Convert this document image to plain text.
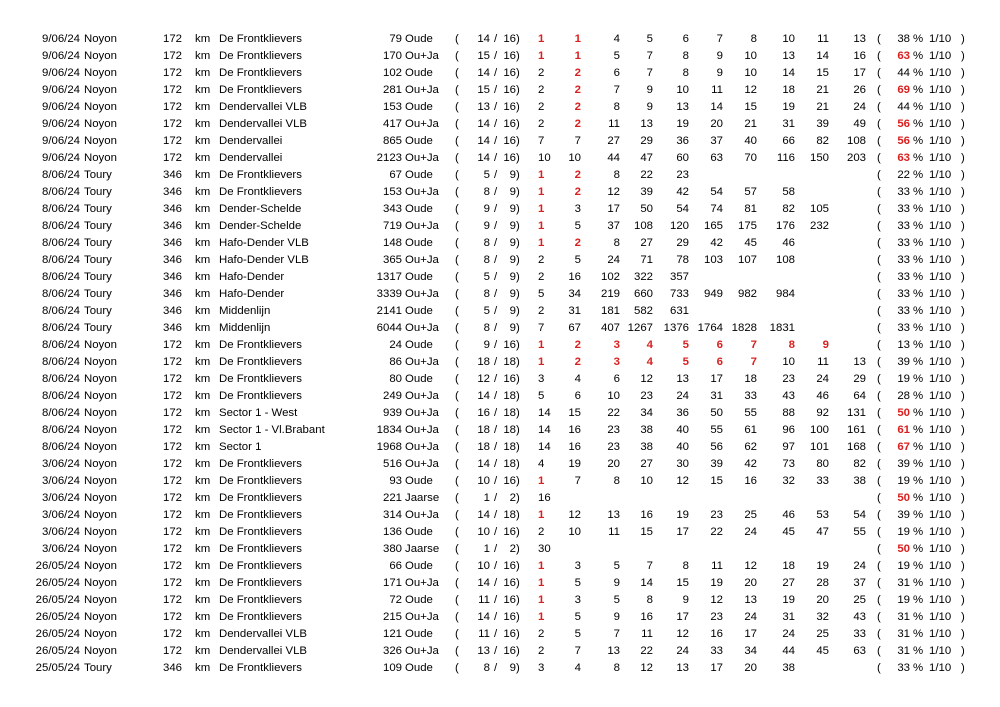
9/06/24 Noyon	172 km De Frontklievers	79 Oude	(	14 / 16 )	1	1	4	5	6	7	8	10	11	13 (	38 % 1/10 )
9/06/24 Noyon	172 km De Frontklievers	170 Ou+Ja	(	15 / 16 )	1	1	5	7	8	9	10	13	14	16 (	63 % 1/10 )
9/06/24 Noyon	172 km De Frontklievers	102 Oude	(	14 / 16 )	2	2	6	7	8	9	10	14	15	17 (	44 % 1/10 )
9/06/24 Noyon	172 km De Frontklievers	281 Ou+Ja	(	15 / 16 )	2	2	7	9	10	11	12	18	21	26 (	69 % 1/10 )
9/06/24 Noyon	172 km Dendervallei VLB	153 Oude	(	13 / 16 )	2	2	8	9	13	14	15	19	21	24 (	44 % 1/10 )
9/06/24 Noyon	172 km Dendervallei VLB	417 Ou+Ja	(	14 / 16 )	2	2	11	13	19	20	21	31	39	49 (	56 % 1/10 )
9/06/24 Noyon	172 km Dendervallei	865 Oude	(	14 / 16 )	7	7	27	29	36	37	40	66	82	108 (	56 % 1/10 )
9/06/24 Noyon	172 km Dendervallei	2123 Ou+Ja	(	14 / 16 )	10	10	44	47	60	63	70	116	150	203 (	63 % 1/10 )
8/06/24 Toury	346 km De Frontklievers	67 Oude	(	5 /	9 )	1	2	8	22	23	(	22 % 1/10 )
8/06/24 Toury	346 km De Frontklievers	153 Ou+Ja	(	8 /	9 )	1	2	12	39	42	54	57	58	(	33 % 1/10 )
8/06/24 Toury	346 km Dender-Schelde	343 Oude	(	9 /	9 )	1	3	17	50	54	74	81	82	105	(	33 % 1/10 )
8/06/24 Toury	346 km Dender-Schelde	719 Ou+Ja	(	9 /	9 )	1	5	37	108	120	165	175	176	232	(	33 % 1/10 )
8/06/24 Toury	346 km Hafo-Dender VLB	148 Oude	(	8 /	9 )	1	2	8	27	29	42	45	46	(	33 % 1/10 )
8/06/24 Toury	346 km Hafo-Dender VLB	365 Ou+Ja	(	8 /	9 )	2	5	24	71	78	103	107	108	(	33 % 1/10 )
8/06/24 Toury	346 km Hafo-Dender	1317 Oude	(	5 /	9 )	2	16	102	322	357	(	33 % 1/10 )
8/06/24 Toury	346 km Hafo-Dender	3339 Ou+Ja	(	8 /	9 )	5	34	219	660	733	949	982	984	(	33 % 1/10 )
8/06/24 Toury	346 km Middenlijn	2141 Oude	(	5 /	9 )	2	31	181	582	631	(	33 % 1/10 )
8/06/24 Toury	346 km Middenlijn	6044 Ou+Ja	(	8 /	9 )	7	67	407 1267 1376 1764 1828	1831	(	33 % 1/10 )
8/06/24 Noyon	172 km De Frontklievers	24 Oude	(	9 / 16 )	1	2	3	4	5	6	7	8	9	(	13 % 1/10 )
8/06/24 Noyon	172 km De Frontklievers	86 Ou+Ja	(	18 / 18 )	1	2	3	4	5	6	7	10	11	13 (	39 % 1/10 )
8/06/24 Noyon	172 km De Frontklievers	80 Oude	(	12 / 16 )	3	4	6	12	13	17	18	23	24	29 (	19 % 1/10 )
8/06/24 Noyon	172 km De Frontklievers	249 Ou+Ja	(	14 / 18 )	5	6	10	23	24	31	33	43	46	64 (	28 % 1/10 )
8/06/24 Noyon	172 km Sector 1 - West	939 Ou+Ja	(	16 / 18 )	14	15	22	34	36	50	55	88	92	131 (	50 % 1/10 )
8/06/24 Noyon	172 km Sector 1 - Vl.Brabant	1834 Ou+Ja	(	18 / 18 )	14	16	23	38	40	55	61	96	100	161 (	61 % 1/10 )
8/06/24 Noyon	172 km Sector 1	1968 Ou+Ja	(	18 / 18 )	14	16	23	38	40	56	62	97	101	168 (	67 % 1/10 )
3/06/24 Noyon	172 km De Frontklievers	516 Ou+Ja	(	14 / 18 )	4	19	20	27	30	39	42	73	80	82 (	39 % 1/10 )
3/06/24 Noyon	172 km De Frontklievers	93 Oude	(	10 / 16 )	1	7	8	10	12	15	16	32	33	38 (	19 % 1/10 )
3/06/24 Noyon	172 km De Frontklievers	221 Jaarse	(	1 /	2 )	16	(	50 % 1/10 )
3/06/24 Noyon	172 km De Frontklievers	314 Ou+Ja	(	14 / 18 )	1	12	13	16	19	23	25	46	53	54 (	39 % 1/10 )
3/06/24 Noyon	172 km De Frontklievers	136 Oude	(	10 / 16 )	2	10	11	15	17	22	24	45	47	55 (	19 % 1/10 )
3/06/24 Noyon	172 km De Frontklievers	380 Jaarse	(	1 /	2 )	30	(	50 % 1/10 )
26/05/24 Noyon	172 km De Frontklievers	66 Oude	(	10 / 16 )	1	3	5	7	8	11	12	18	19	24 (	19 % 1/10 )
26/05/24 Noyon	172 km De Frontklievers	171 Ou+Ja	(	14 / 16 )	1	5	9	14	15	19	20	27	28	37 (	31 % 1/10 )
26/05/24 Noyon	172 km De Frontklievers	72 Oude	(	11 / 16 )	1	3	5	8	9	12	13	19	20	25 (	19 % 1/10 )
26/05/24 Noyon	172 km De Frontklievers	215 Ou+Ja	(	14 / 16 )	1	5	9	16	17	23	24	31	32	43 (	31 % 1/10 )
26/05/24 Noyon	172 km Dendervallei VLB	121 Oude	(	11 / 16 )	2	5	7	11	12	16	17	24	25	33 (	31 % 1/10 )
26/05/24 Noyon	172 km Dendervallei VLB	326 Ou+Ja	(	13 / 16 )	2	7	13	22	24	33	34	44	45	63 (	31 % 1/10 )
25/05/24 Toury	346 km De Frontklievers	109 Oude	(	8 /	9 )	3	4	8	12	13	17	20	38	(	33 % 1/10 )
